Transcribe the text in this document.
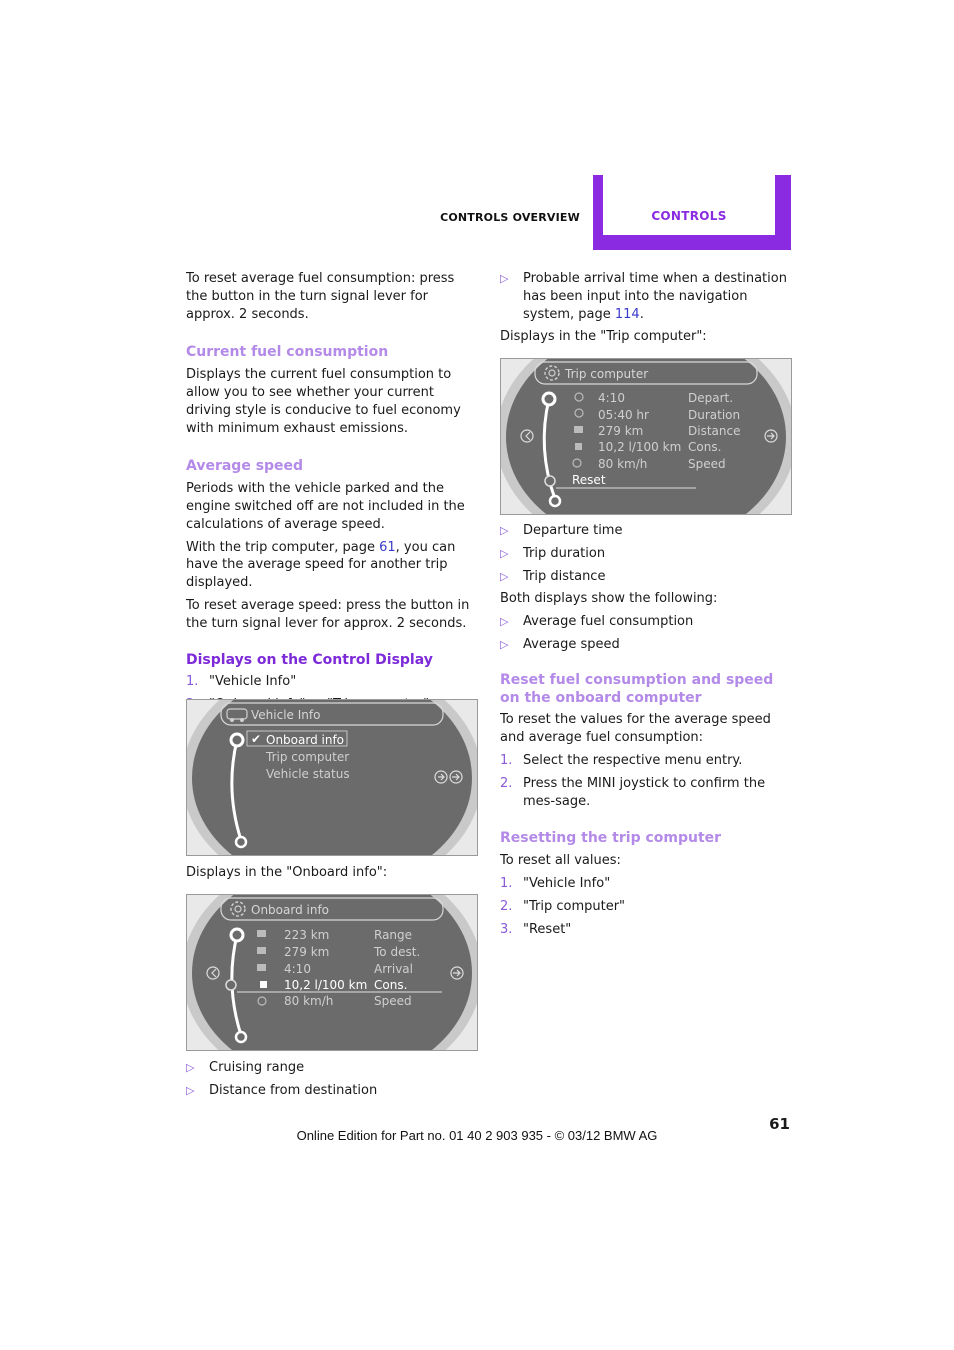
CONTROLS OVERVIEW	CONTROLS

To reset average fuel consumption: press the button in the turn signal lever for approx. 2 seconds.

Current fuel consumption

Displays the current fuel consumption to allow you to see whether your current driving style is conducive to fuel economy with minimum exhaust emissions.

Average speed

Periods with the vehicle parked and the engine switched off are not included in the calculations of average speed.

With the trip computer, page 61, you can have the average speed for another trip displayed.

To reset average speed: press the button in the turn signal lever for approx. 2 seconds.

Displays on the Control Display
1. "Vehicle Info"
Vehicle Info
✔ Onboard info
Trip computer
Vehicle status

Displays in the "Onboard info":

Onboard info
223 km	Range
279 km	To dest.
4:10	Arrival
10,2 l/100 km Cons.
80 km/h	Speed
▷	Cruising range
▷	Distance from destination
▷	Probable arrival time when a destination has been input into the navigation system, page 114.

Displays in the "Trip computer":

Trip computer
4:10	Depart.
05:40 hr	Duration
279 km	Distance
10,2 l/100 km Cons.
80 km/h	Speed
Reset
▷	Departure time
▷	Trip duration
▷	Trip distance

Both displays show the following:

▷	Average fuel consumption
▷	Average speed
Reset fuel consumption and speed on the onboard computer

To reset the values for the average speed and average fuel consumption:

1. Select the respective menu entry.
2. Press the MINI joystick to confirm the mes-sage.
Resetting the trip computer

To reset all values:

1. "Vehicle Info"
2. "Trip computer"
3. "Reset"
61
Online Edition for Part no. 01 40 2 903 935 - © 03/12 BMW AG
